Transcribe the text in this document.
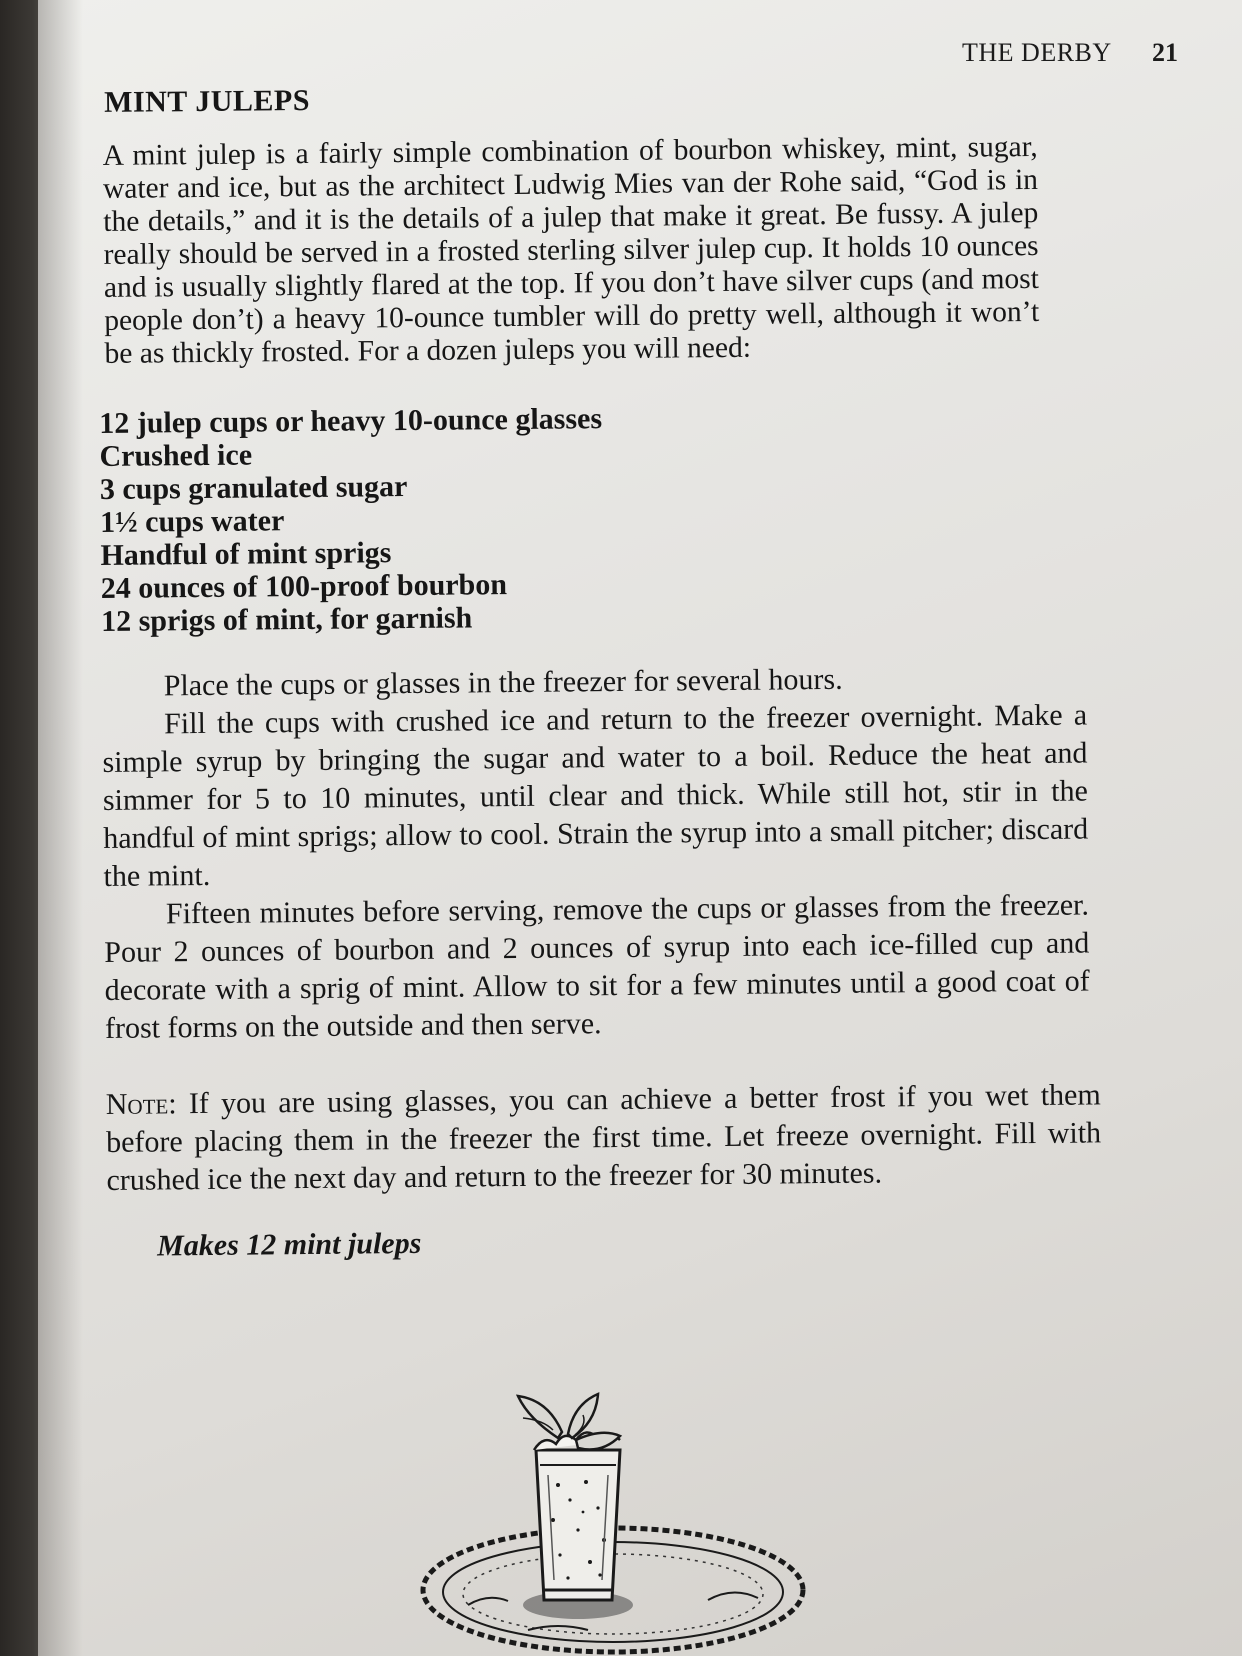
THE DERBY 21
MINT JULEPS

A mint julep is a fairly simple combination of bourbon whiskey, mint, sugar, water and ice, but as the architect Ludwig Mies van der Rohe said, “God is in the details,” and it is the details of a julep that make it great. Be fussy. A julep really should be served in a frosted sterling silver julep cup. It holds 10 ounces and is usually slightly flared at the top. If you don’t have silver cups (and most people don’t) a heavy 10-ounce tumbler will do pretty well, although it won’t be as thickly frosted. For a dozen juleps you will need:

12 julep cups or heavy 10-ounce glasses
Crushed ice
3 cups granulated sugar
1½ cups water
Handful of mint sprigs
24 ounces of 100-proof bourbon
12 sprigs of mint, for garnish

Place the cups or glasses in the freezer for several hours.

Fill the cups with crushed ice and return to the freezer overnight. Make a simple syrup by bringing the sugar and water to a boil. Reduce the heat and simmer for 5 to 10 minutes, until clear and thick. While still hot, stir in the handful of mint sprigs; allow to cool. Strain the syrup into a small pitcher; discard the mint.

Fifteen minutes before serving, remove the cups or glasses from the freezer. Pour 2 ounces of bourbon and 2 ounces of syrup into each ice-filled cup and decorate with a sprig of mint. Allow to sit for a few minutes until a good coat of frost forms on the outside and then serve.

Note: If you are using glasses, you can achieve a better frost if you wet them before placing them in the freezer the first time. Let freeze overnight. Fill with crushed ice the next day and return to the freezer for 30 minutes.

Makes 12 mint juleps
